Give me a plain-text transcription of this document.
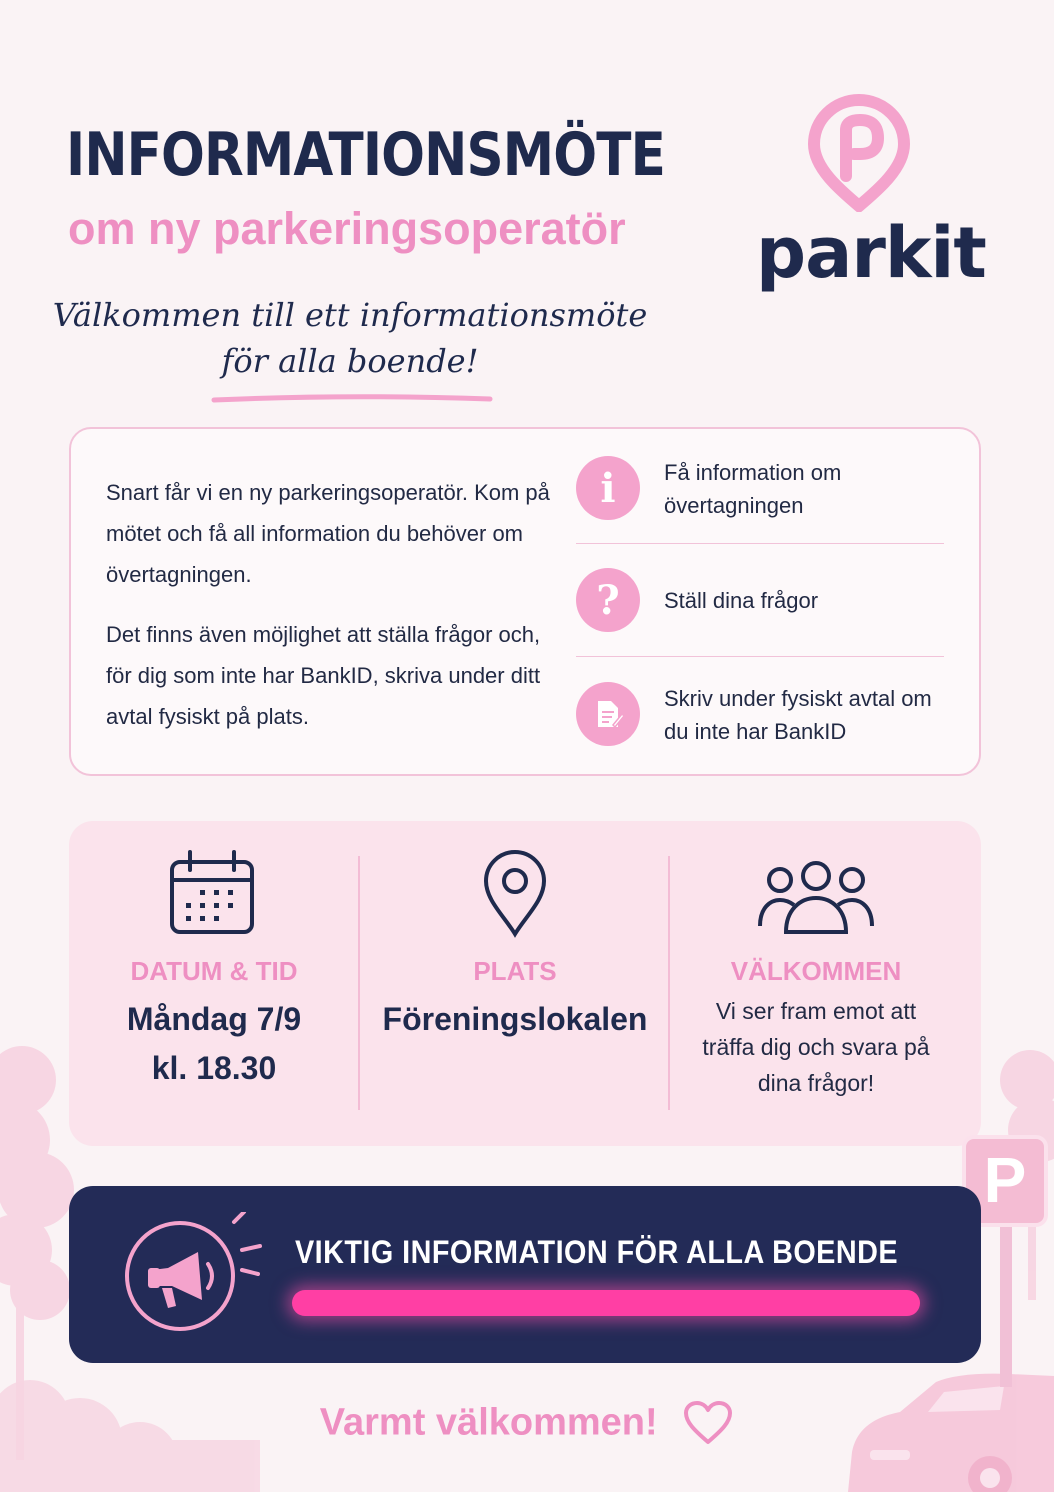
INFORMATIONSMÖTE
om ny parkeringsoperatör parkit
Välkommen till ett informationsmöte
för alla boende!
Snart får vi en ny parkeringsoperatör. Kom på mötet och få all information du behöver om övertagningen.
Det finns även möjlighet att ställa frågor och, för dig som inte har BankID, skriva under ditt avtal fysiskt på plats.
i	Få information om övertagningen
?	Ställ dina frågor
Skriv under fysiskt avtal om du inte har BankID
DATUM & TID
Måndag 7/9
kl. 18.30
PLATS
Föreningslokalen
VÄLKOMMEN
Vi ser fram emot att träffa dig och svara på dina frågor!
P
VIKTIG INFORMATION FÖR ALLA BOENDE
Varmt välkommen!
